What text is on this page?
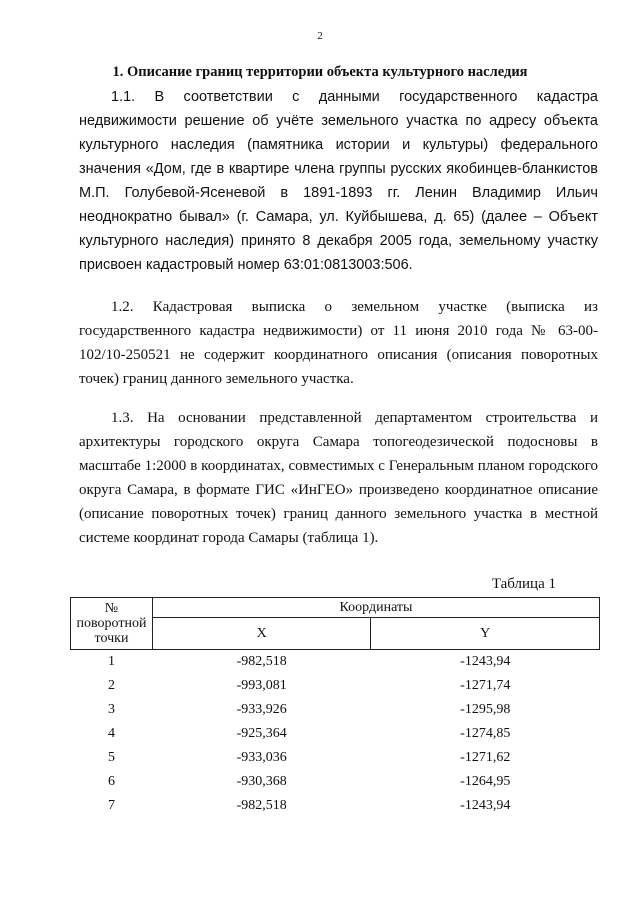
2
1. Описание границ территории объекта культурного наследия
1.1. В соответствии с данными государственного кадастра недвижимости решение об учёте земельного участка по адресу объекта культурного наследия (памятника истории и культуры) федерального значения «Дом, где в квартире члена группы русских якобинцев-бланкистов М.П. Голубевой-Ясеневой в 1891-1893 гг. Ленин Владимир Ильич неоднократно бывал» (г. Самара, ул. Куйбышева, д. 65) (далее – Объект культурного наследия) принято 8 декабря 2005 года, земельному участку присвоен кадастровый номер 63:01:0813003:506.
1.2. Кадастровая выписка о земельном участке (выписка из государственного кадастра недвижимости) от 11 июня 2010 года № 63-00-102/10-250521 не содержит координатного описания (описания поворотных точек) границ данного земельного участка.
1.3. На основании представленной департаментом строительства и архитектуры городского округа Самара топогеодезической подосновы в масштабе 1:2000 в координатах, совместимых с Генеральным планом городского округа Самара, в формате ГИС «ИнГЕО» произведено координатное описание (описание поворотных точек) границ данного земельного участка в местной системе координат города Самары (таблица 1).
Таблица 1
№ поворотной точки	Координаты	
	X	Y
1	-982,518	-1243,94
2	-993,081	-1271,74
3	-933,926	-1295,98
4	-925,364	-1274,85
5	-933,036	-1271,62
6	-930,368	-1264,95
7	-982,518	-1243,94
